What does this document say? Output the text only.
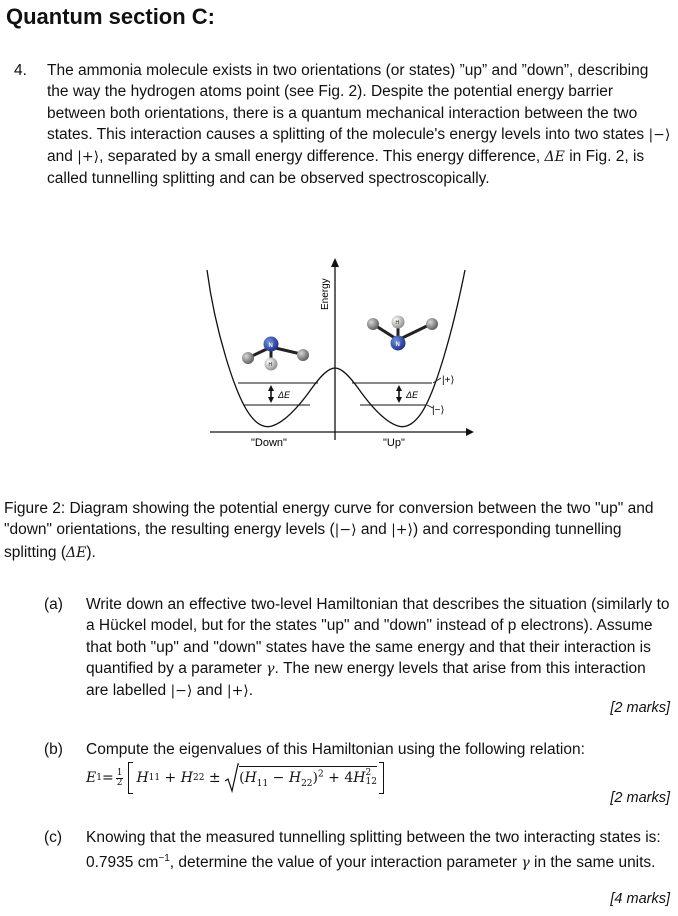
Quantum section C:
4. The ammonia molecule exists in two orientations (or states) ”up” and ”down”, describing the way the hydrogen atoms point (see Fig. 2). Despite the potential energy barrier between both orientations, there is a quantum mechanical interaction between the two states. This interaction causes a splitting of the molecule's energy levels into two states |−⟩ and |+⟩, separated by a small energy difference. This energy difference, ΔE in Fig. 2, is called tunnelling splitting and can be observed spectroscopically.
Energy
ΔE	ΔE
|+⟩
|−⟩
"Down"	"Up"
N
H
N
H
Figure 2: Diagram showing the potential energy curve for conversion between the two "up" and "down" orientations, the resulting energy levels (|−⟩ and |+⟩) and corresponding tunnelling splitting (ΔE).
(a) Write down an effective two-level Hamiltonian that describes the situation (similarly to a Hückel model, but for the states "up" and "down" instead of p electrons). Assume that both "up" and "down" states have the same energy and that their interaction is quantified by a parameter γ. The new energy levels that arise from this interaction are labelled |−⟩ and |+⟩.
[2 marks]
(b) Compute the eigenvalues of this Hamiltonian using the following relation:
E $1 = \frac{1}{2}$ H 11 + H $22 \pm (H_{11} - H_{22})^2 + 4H$ 2
12
[2 marks]
(c) Knowing that the measured tunnelling splitting between the two interacting states is: 0.7935 $cm^{-1}$, determine the value of your interaction parameter γ in the same units.
[4 marks]
